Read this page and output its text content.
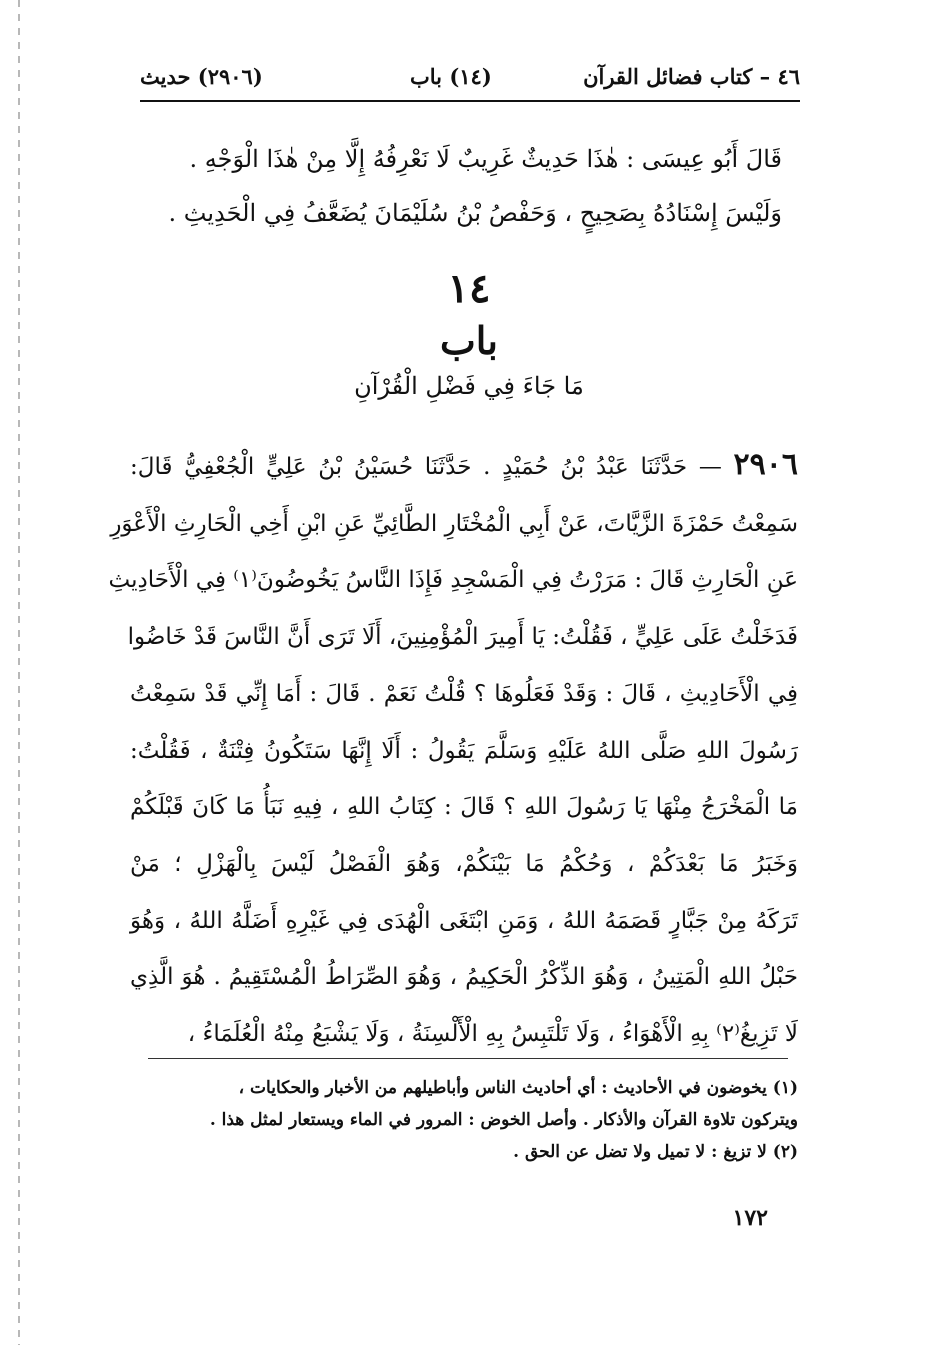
٤٦ – كتاب فضائل القرآن
(١٤) باب
(٢٩٠٦) حديث

قَالَ أَبُو عِيسَى : هٰذَا حَدِيثٌ غَرِيبٌ لَا نَعْرِفُهُ إِلَّا مِنْ هٰذَا الْوَجْهِ .

وَلَيْسَ إِسْنَادُهُ بِصَحِيحٍ ، وَحَفْصُ بْنُ سُلَيْمَانَ يُضَعَّفُ فِي الْحَدِيثِ .

١٤
باب
مَا جَاءَ فِي فَضْلِ الْقُرْآنِ
٢٩٠٦ — حَدَّثَنَا عَبْدُ بْنُ حُمَيْدٍ . حَدَّثَنَا حُسَيْنُ بْنُ عَلِيٍّ الْجُعْفِيُّ قَالَ:
سَمِعْتُ حَمْزَةَ الزَّيَّاتَ، عَنْ أَبِي الْمُخْتَارِ الطَّائِيِّ عَنِ ابْنِ أَخِي الْحَارِثِ الْأَعْوَرِ
عَنِ الْحَارِثِ قَالَ : مَرَرْتُ فِي الْمَسْجِدِ فَإِذَا النَّاسُ يَخُوضُونَ⁽١⁾ فِي الْأَحَادِيثِ
فَدَخَلْتُ عَلَى عَلِيٍّ ، فَقُلْتُ: يَا أَمِيرَ الْمُؤْمِنِينَ، أَلَا تَرَى أَنَّ النَّاسَ قَدْ خَاضُوا
فِي الْأَحَادِيثِ ، قَالَ : وَقَدْ فَعَلُوهَا ؟ قُلْتُ نَعَمْ . قَالَ : أَمَا إِنِّي قَدْ سَمِعْتُ
رَسُولَ اللهِ صَلَّى اللهُ عَلَيْهِ وَسَلَّمَ يَقُولُ : أَلَا إِنَّهَا سَتَكُونُ فِتْنَةٌ ، فَقُلْتُ:
مَا الْمَخْرَجُ مِنْهَا يَا رَسُولَ اللهِ ؟ قَالَ : كِتَابُ اللهِ ، فِيهِ نَبَأُ مَا كَانَ قَبْلَكُمْ
وَخَبَرُ مَا بَعْدَكُمْ ، وَحُكْمُ مَا بَيْنَكُمْ، وَهُوَ الْفَصْلُ لَيْسَ بِالْهَزْلِ ؛ مَنْ
تَرَكَهُ مِنْ جَبَّارٍ قَصَمَهُ اللهُ ، وَمَنِ ابْتَغَى الْهُدَى فِي غَيْرِهِ أَضَلَّهُ اللهُ ، وَهُوَ
حَبْلُ اللهِ الْمَتِينُ ، وَهُوَ الذِّكْرُ الْحَكِيمُ ، وَهُوَ الصِّرَاطُ الْمُسْتَقِيمُ . هُوَ الَّذِي
لَا تَزِيغُ⁽٢⁾ بِهِ الْأَهْوَاءُ ، وَلَا تَلْتَبِسُ بِهِ الْأَلْسِنَةُ ، وَلَا يَشْبَعُ مِنْهُ الْعُلَمَاءُ ،

(١) يخوضون في الأحاديث : أي أحاديث الناس وأباطيلهم من الأخبار والحكايات ،

ويتركون تلاوة القرآن والأذكار . وأصل الخوض : المرور في الماء ويستعار لمثل هذا .

(٢) لا تزيغ : لا تميل ولا تضل عن الحق .

١٧٢
